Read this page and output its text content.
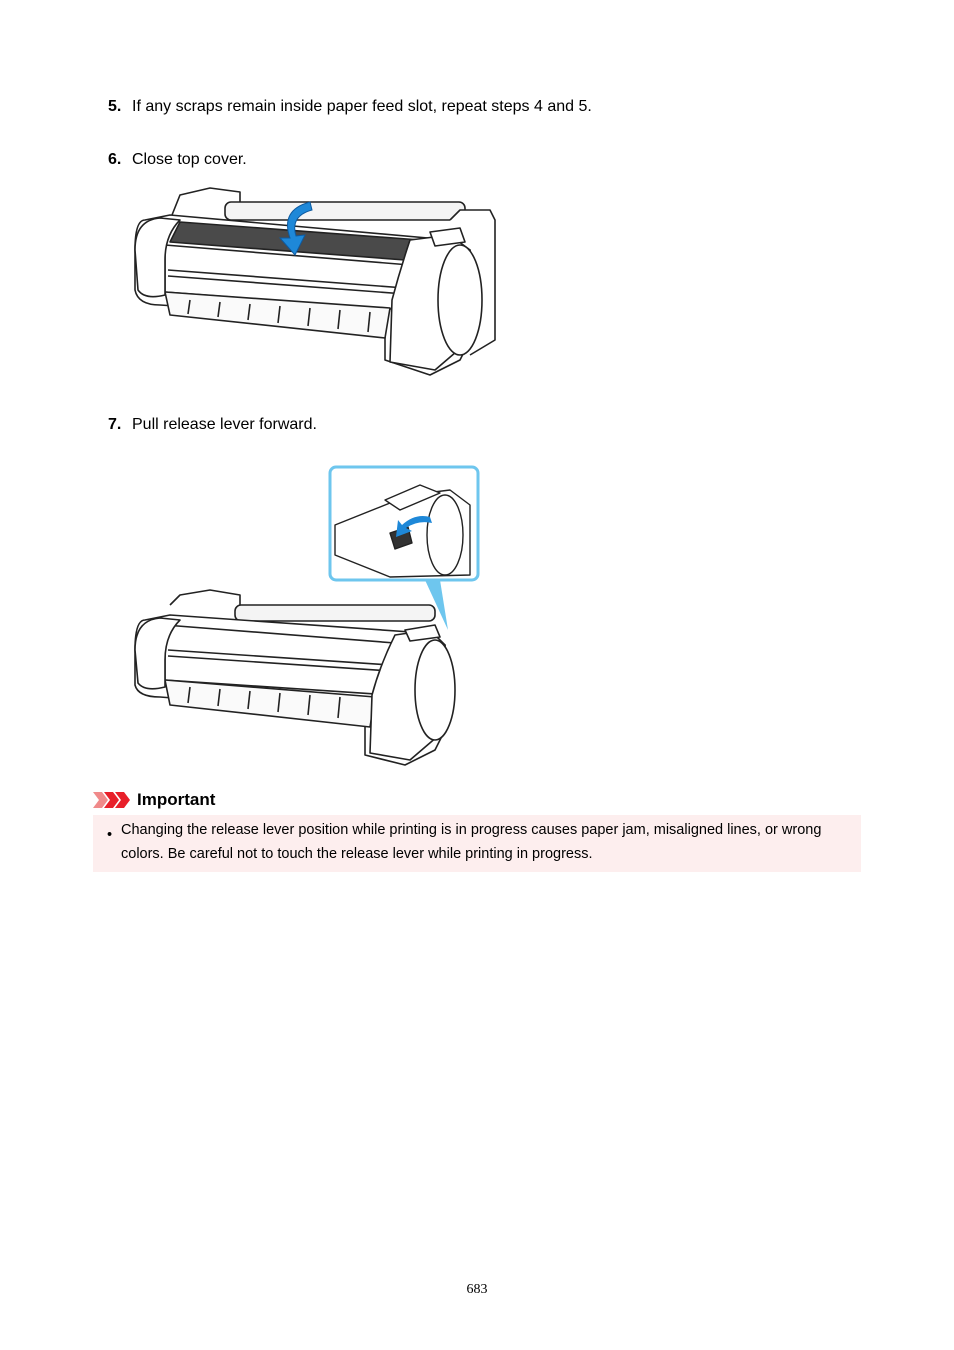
5. If any scraps remain inside paper feed slot, repeat steps 4 and 5.
6. Close top cover.
7. Pull release lever forward.
Important
• Changing the release lever position while printing is in progress causes paper jam, misaligned lines, or wrong colors. Be careful not to touch the release lever while printing in progress.
683
